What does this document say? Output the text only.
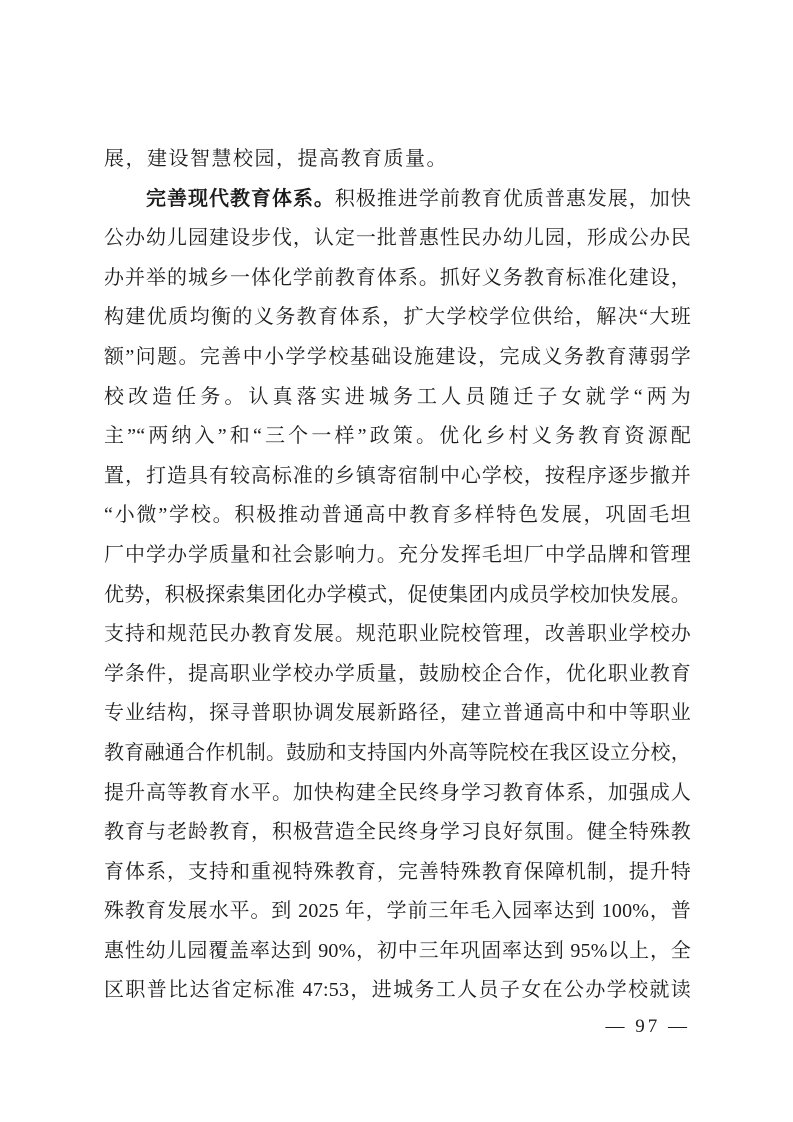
展，建设智慧校园，提高教育质量。
完善现代教育体系。积极推进学前教育优质普惠发展，加快
公办幼儿园建设步伐，认定一批普惠性民办幼儿园，形成公办民
办并举的城乡一体化学前教育体系。抓好义务教育标准化建设，
构建优质均衡的义务教育体系，扩大学校学位供给，解决“大班
额”问题。完善中小学学校基础设施建设，完成义务教育薄弱学
校改造任务。认真落实进城务工人员随迁子女就学“两为
主”“两纳入”和“三个一样”政策。优化乡村义务教育资源配
置，打造具有较高标准的乡镇寄宿制中心学校，按程序逐步撤并
“小微”学校。积极推动普通高中教育多样特色发展，巩固毛坦
厂中学办学质量和社会影响力。充分发挥毛坦厂中学品牌和管理
优势，积极探索集团化办学模式，促使集团内成员学校加快发展。
支持和规范民办教育发展。规范职业院校管理，改善职业学校办
学条件，提高职业学校办学质量，鼓励校企合作，优化职业教育
专业结构，探寻普职协调发展新路径，建立普通高中和中等职业
教育融通合作机制。鼓励和支持国内外高等院校在我区设立分校，
提升高等教育水平。加快构建全民终身学习教育体系，加强成人
教育与老龄教育，积极营造全民终身学习良好氛围。健全特殊教
育体系，支持和重视特殊教育，完善特殊教育保障机制，提升特
殊教育发展水平。到 2025 年，学前三年毛入园率达到 100%，普
惠性幼儿园覆盖率达到 90%，初中三年巩固率达到 95%以上，全
区职普比达省定标准 47:53，进城务工人员子女在公办学校就读
— 97 —
